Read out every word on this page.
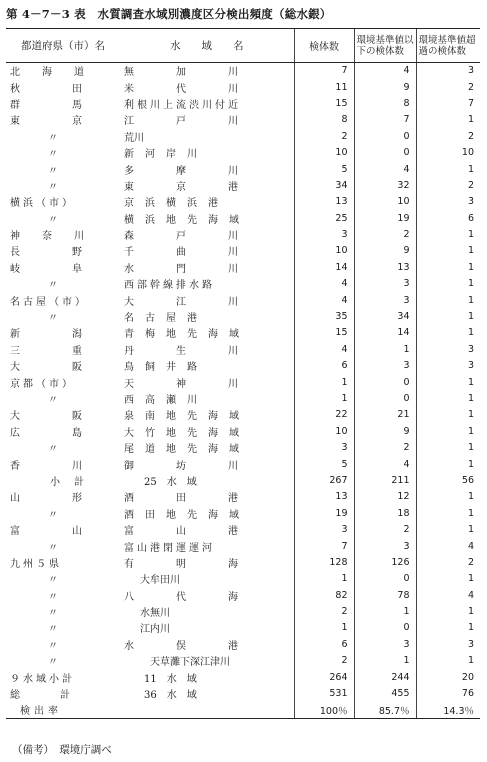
第 4－7－3 表　水質調査水域別濃度区分検出頻度（総水銀）
都道府県（市）名	水　　域　　名	検体数	環境基準値以下の検体数	環境基準値超過の検体数
北海道	無加川	7	4	3
秋田	米代川	11	9	2
群馬	利根川上流渋川付近	15	8	7
東京	江戸川	8	7	1
〃	荒川	2	0	2
〃	新河岸川	10	0	10
〃	多摩川	5	4	1
〃	東京港	34	32	2
横浜（市）	京浜横浜港	13	10	3
〃	横浜地先海域	25	19	6
神奈川	森戸川	3	2	1
長野	千曲川	10	9	1
岐阜	水門川	14	13	1
〃	西部幹線排水路	4	3	1
名古屋（市）	大江川	4	3	1
〃	名古屋港	35	34	1
新潟	青梅地先海域	15	14	1
三重	丹生川	4	1	3
大阪	鳥飼井路	6	3	3
京都（市）	天神川	1	0	1
〃	西高瀬川	1	0	1
大阪	泉南地先海域	22	21	1
広島	大竹地先海域	10	9	1
〃	尾道地先海域	3	2	1
香川	御坊川	5	4	1
小計	25　水　域	267	211	56
山形	酒田港	13	12	1
〃	酒田地先海域	19	18	1
富山	富山港	3	2	1
〃	富山港閉運運河	7	3	4
九州５県	有明海	128	126	2
〃	大牟田川	1	0	1
〃	八代海	82	78	4
〃	水無川	2	1	1
〃	江内川	1	0	1
〃	水俣港	6	3	3
〃	天草灘下深江津川	2	1	1
９水域小計	11　水　域	264	244	20
総計	36　水　域	531	455	76
検出率		100％	85.7％	14.3％
（備考）　環境庁調べ
